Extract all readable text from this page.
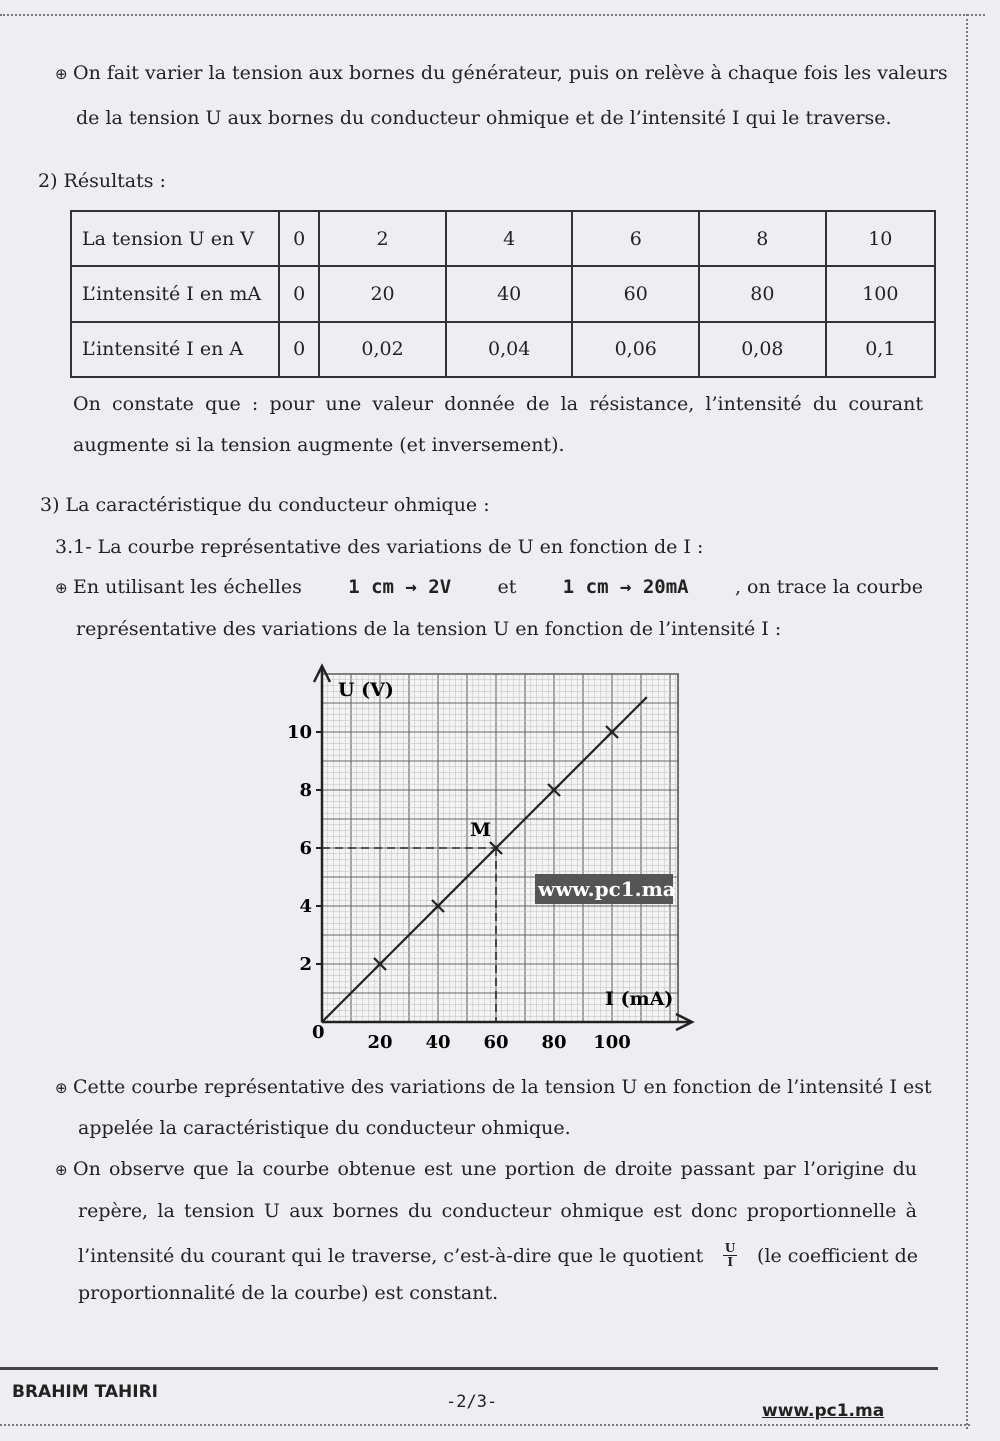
⊕ On fait varier la tension aux bornes du générateur, puis on relève à chaque fois les valeurs
de la tension U aux bornes du conducteur ohmique et de l’intensité I qui le traverse.
2) Résultats :
La tension U en V	0	2	4	6	8	10
L’intensité I en mA	0	20	40	60	80	100
L’intensité I en A	0	0,02	0,04	0,06	0,08	0,1
On constate que : pour une valeur donnée de la résistance, l’intensité du courant
augmente si la tension augmente (et inversement).
3) La caractéristique du conducteur ohmique :
3.1- La courbe représentative des variations de U en fonction de I :
⊕ En utilisant les échelles 1 cm → 2V et 1 cm → 20mA , on trace la courbe
représentative des variations de la tension U en fonction de l’intensité I :
20 40 60 80 100
2
4
6
8
10
M
www.pc1.ma
U (V)
I (mA)
0
⊕ Cette courbe représentative des variations de la tension U en fonction de l’intensité I est
appelée la caractéristique du conducteur ohmique.
⊕ On observe que la courbe obtenue est une portion de droite passant par l’origine du
repère, la tension U aux bornes du conducteur ohmique est donc proportionnelle à
l’intensité du courant qui le traverse, c’est-à-dire que le quotient U
I (le coefficient de
proportionnalité de la courbe) est constant.
BRAHIM TAHIRI	-2/3-	www.pc1.ma
